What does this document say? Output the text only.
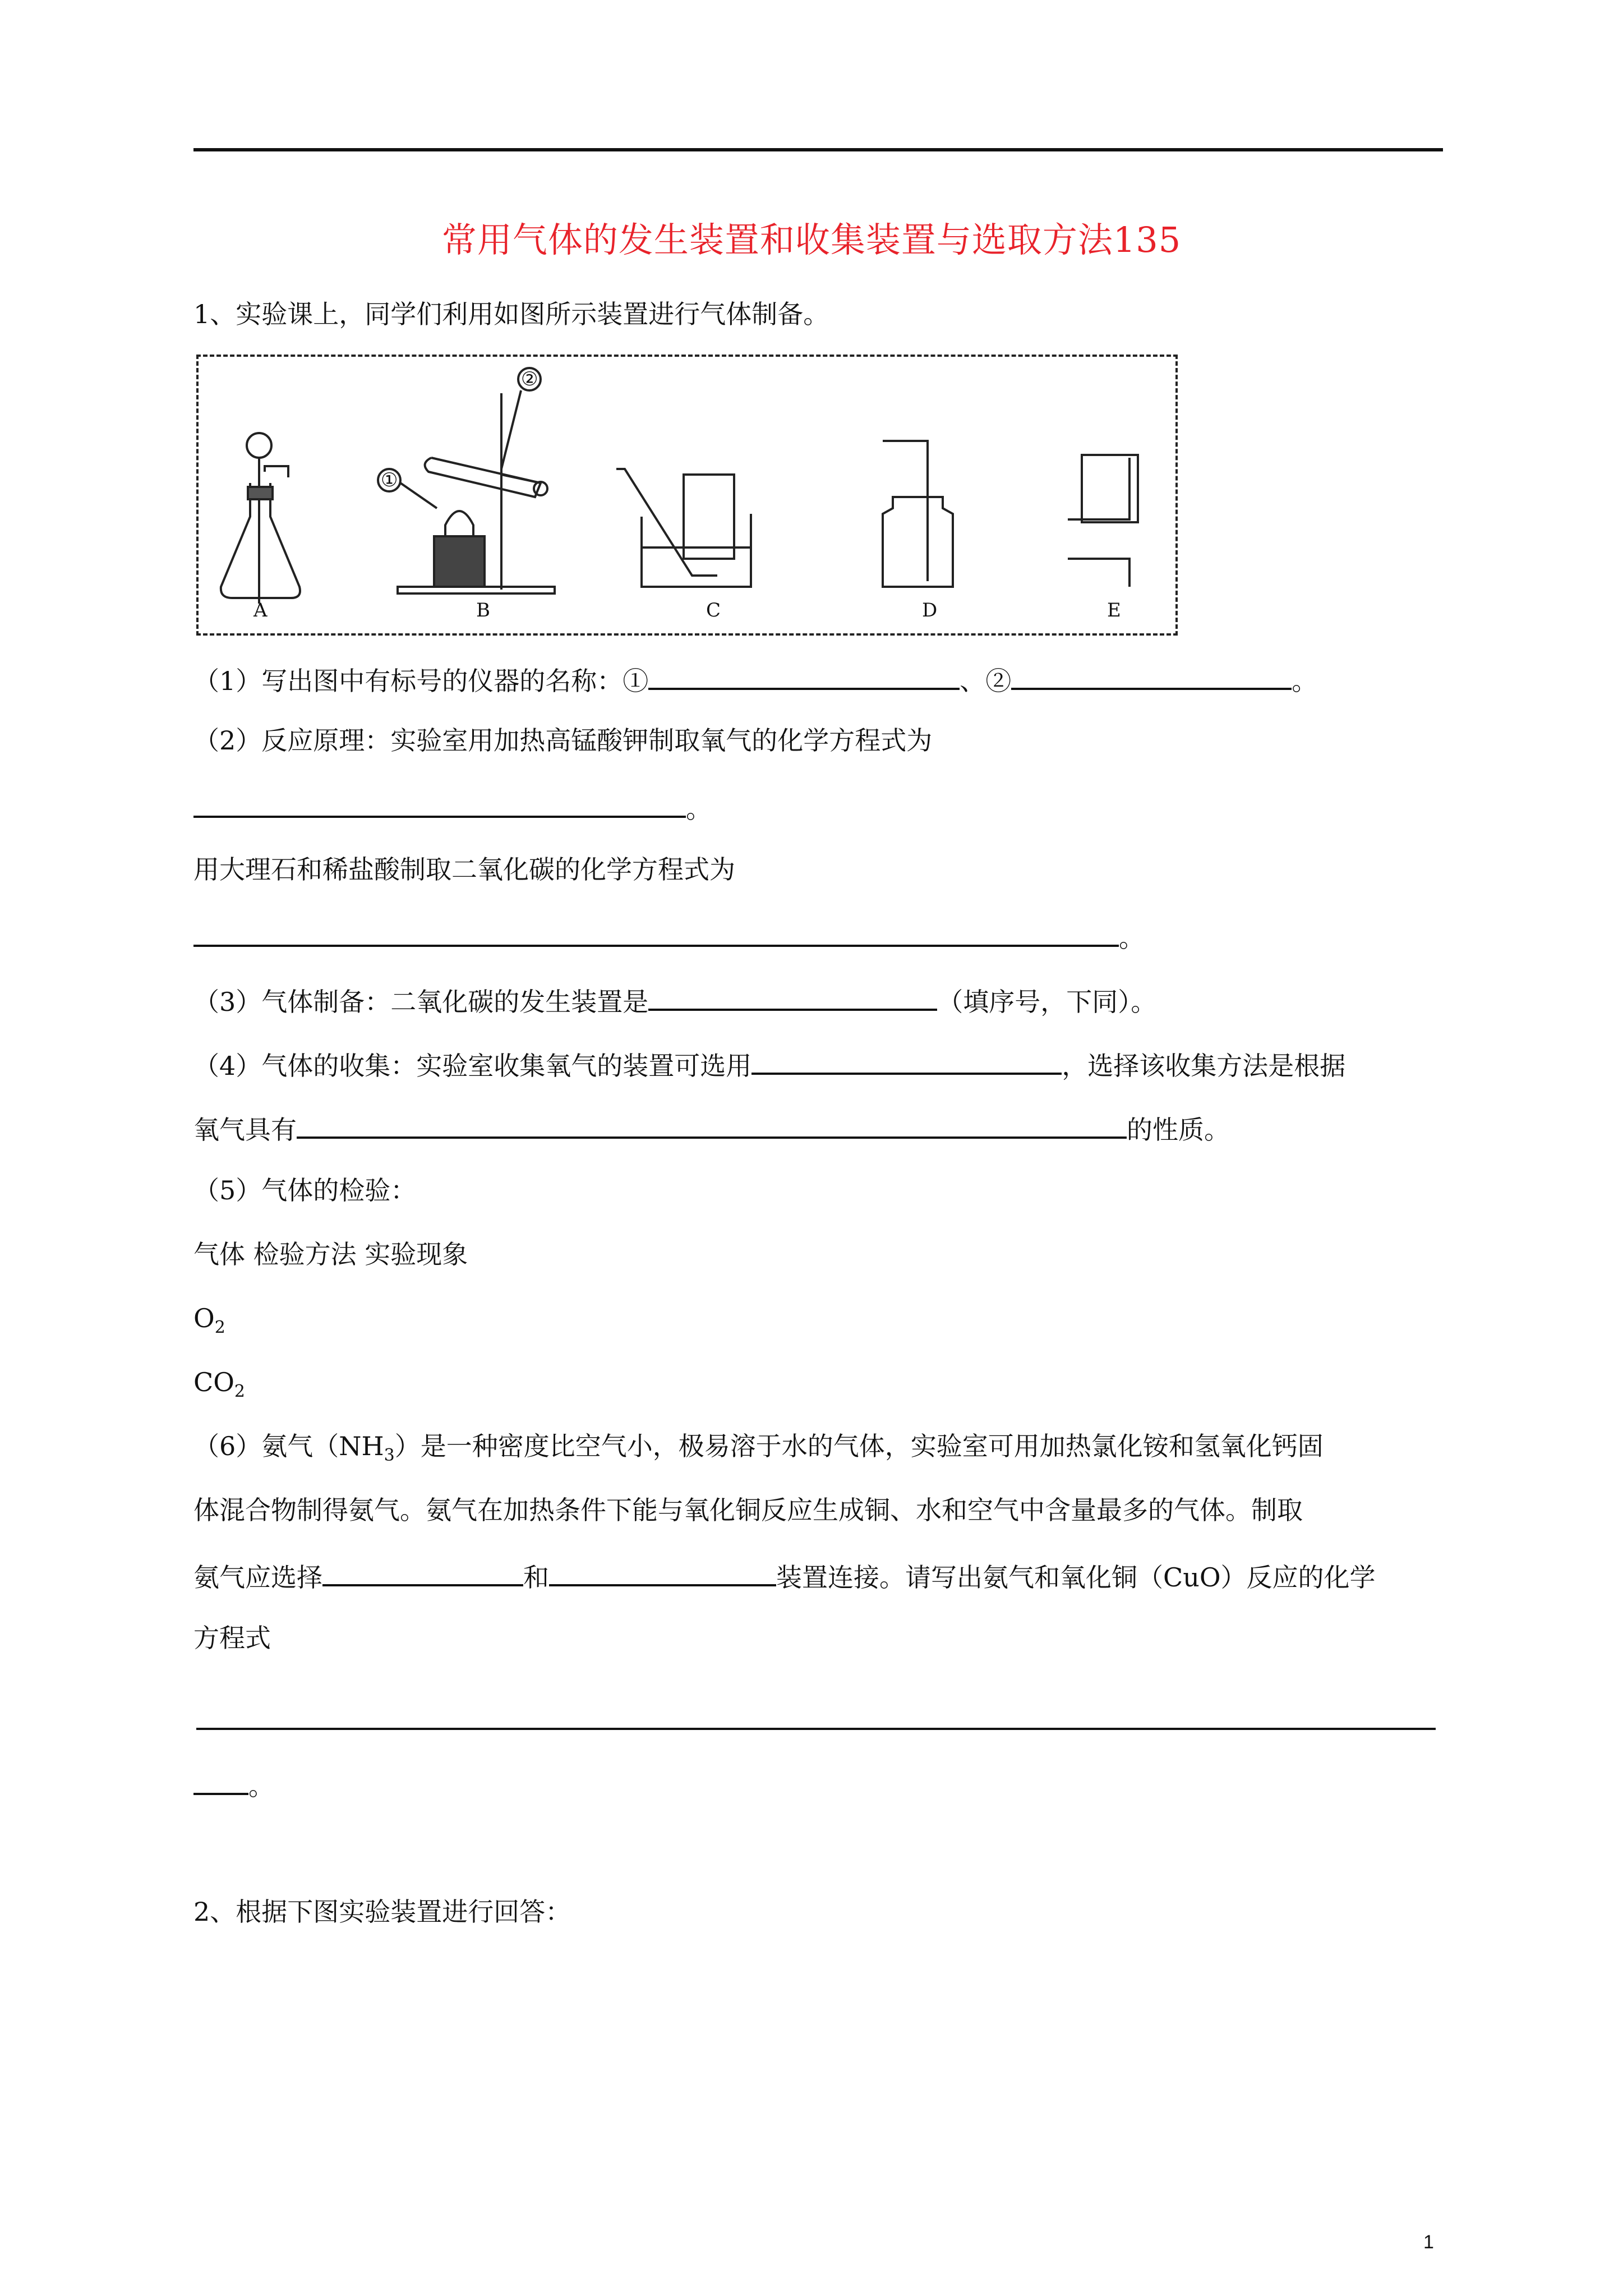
常用气体的发生装置和收集装置与选取方法135
1、实验课上，同学们利用如图所示装置进行气体制备。
A	B	C	D	E
①
②
（1）写出图中有标号的仪器的名称：①	、②	。
（2）反应原理：实验室用加热高锰酸钾制取氧气的化学方程式为
。
用大理石和稀盐酸制取二氧化碳的化学方程式为
。
（3）气体制备：二氧化碳的发生装置是	（填序号，下同）。
（4）气体的收集：实验室收集氧气的装置可选用	，选择该收集方法是根据
氧气具有	的性质。
（5）气体的检验：
气体 检验方法 实验现象
$O_2$
$CO_2$
（6）氨气$(NH_3)$是一种密度比空气小，极易溶于水的气体，实验室可用加热氯化铵和氢氧化钙固
体混合物制得氨气。氨气在加热条件下能与氧化铜反应生成铜、水和空气中含量最多的气体。制取
氨气应选择	和	装置连接。请写出氨气和氧化铜（CuO）反应的化学
方程式
。
2、根据下图实验装置进行回答：
1
